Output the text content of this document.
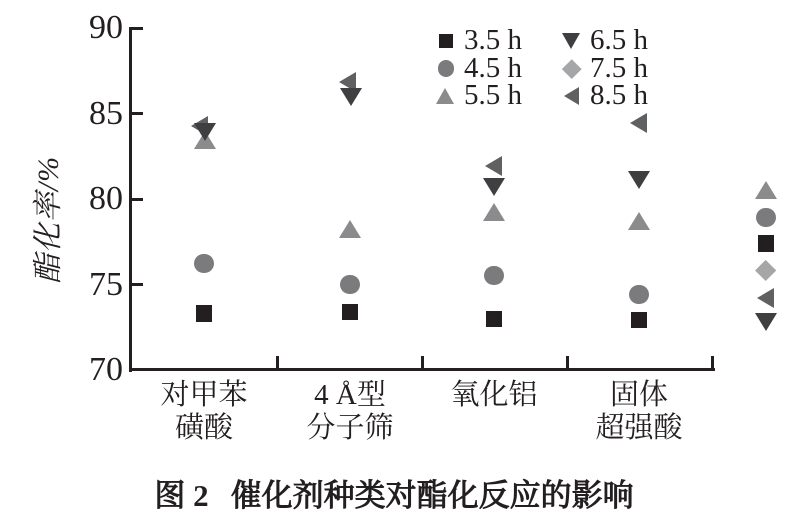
酯化率/%
90
85
80
75
70
对甲苯
磺酸
4 Å型
分子筛
氧化铝	固体
超强酸
3.5 h
4.5 h
5.5 h
6.5 h
7.5 h
8.5 h
图 2 催化剂种类对酯化反应的影响
